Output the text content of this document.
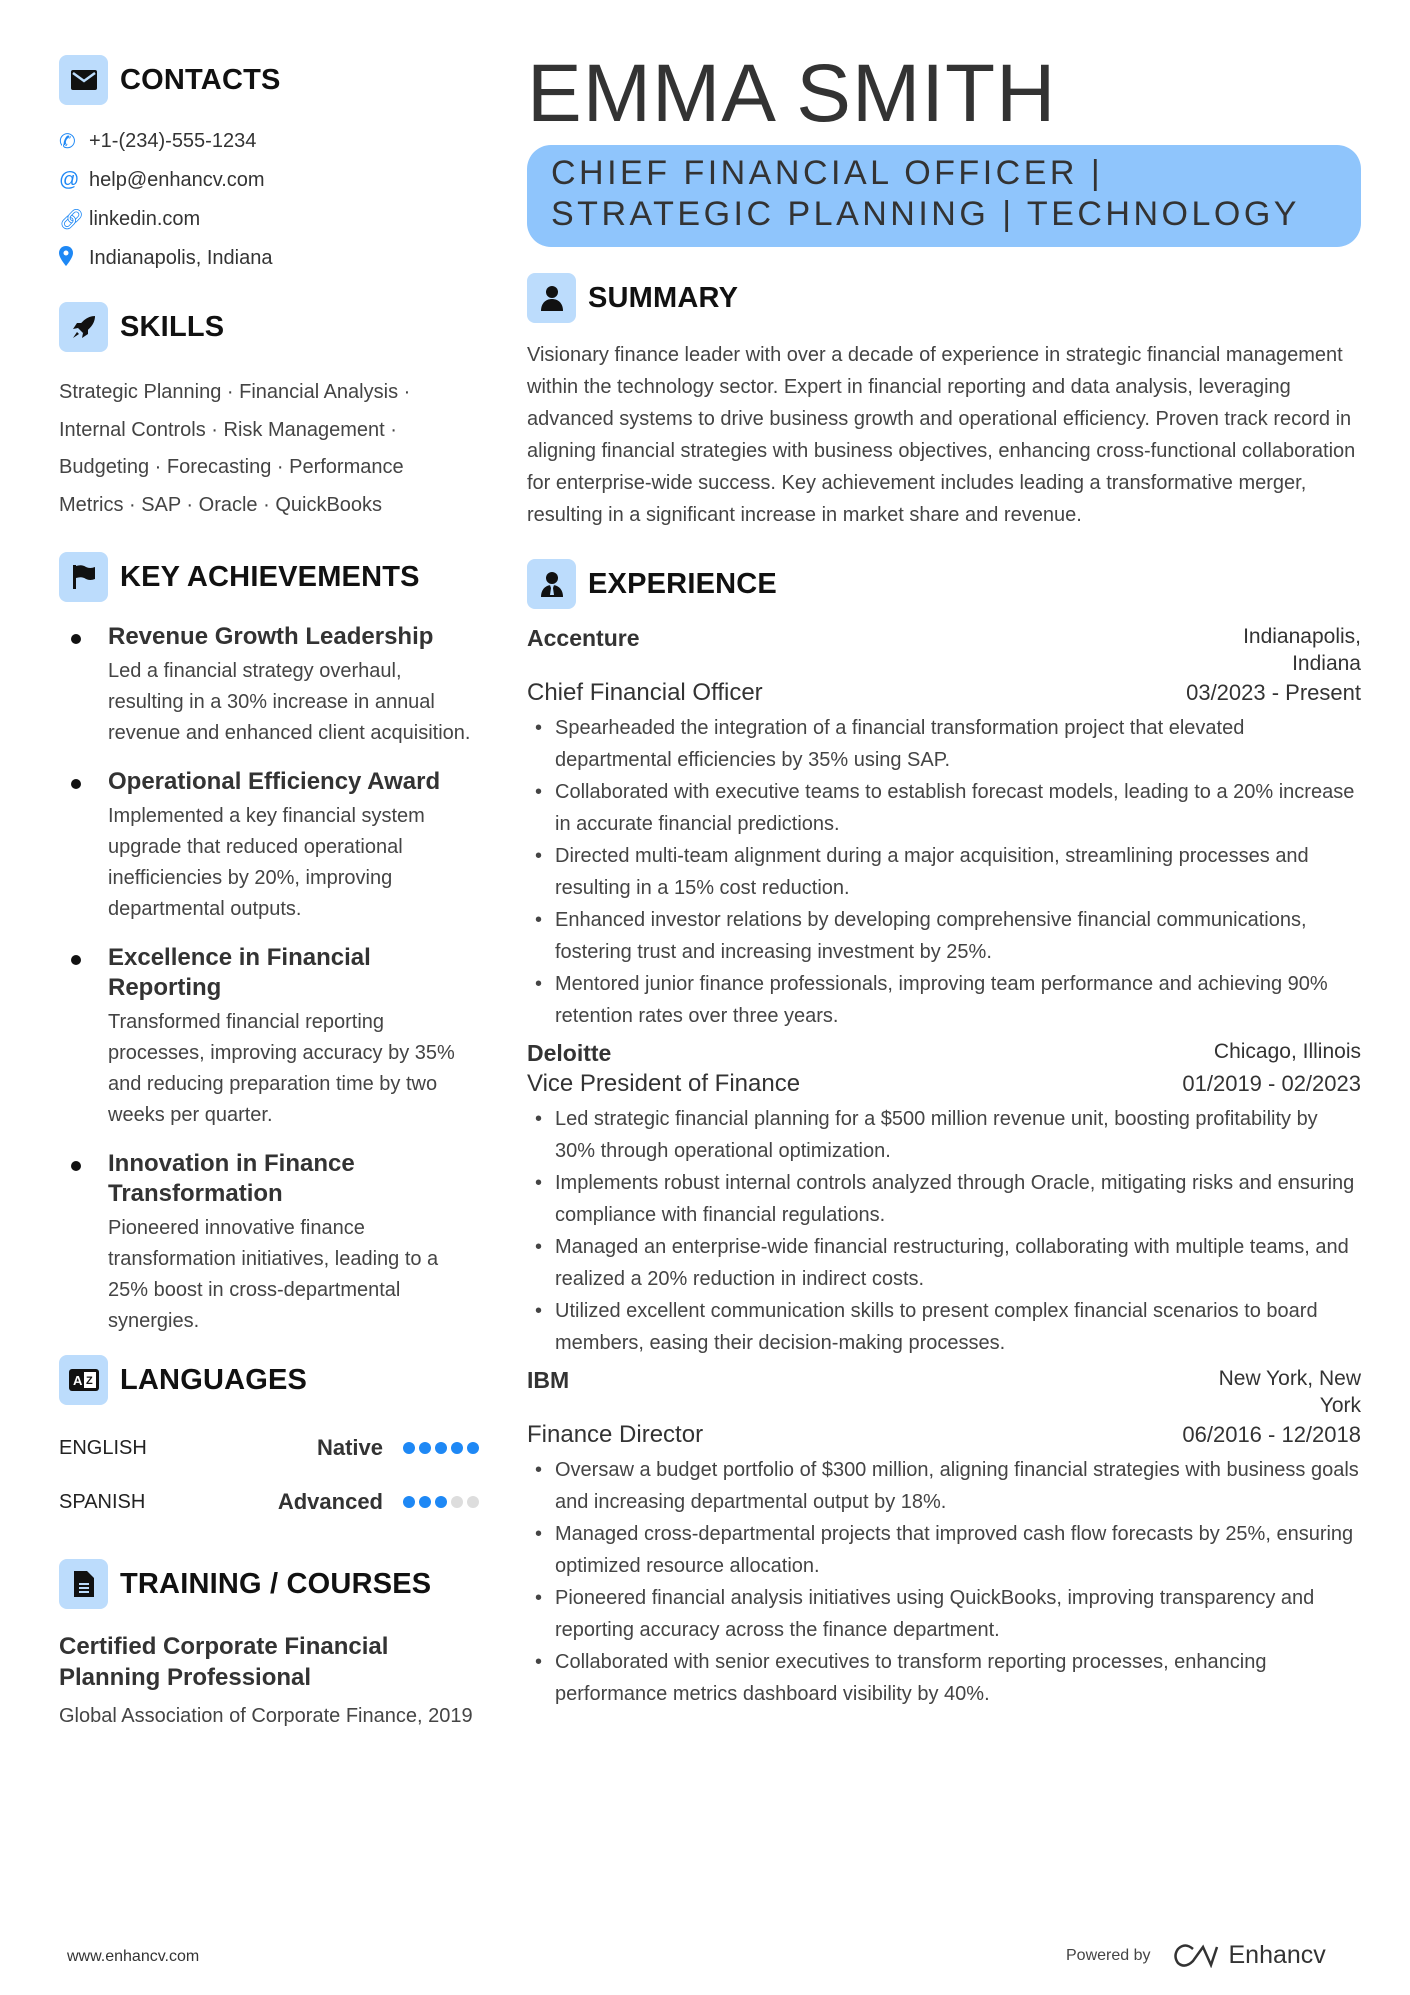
CONTACTS
✆ +1-(234)-555-1234
@ help@enhancv.com
🔗︎ linkedin.com
Indianapolis, Indiana
SKILLS
Strategic Planning · Financial Analysis · Internal Controls · Risk Management · Budgeting · Forecasting · Performance Metrics · SAP · Oracle · QuickBooks
KEY ACHIEVEMENTS
Revenue Growth Leadership
Led a financial strategy overhaul, resulting in a 30% increase in annual revenue and enhanced client acquisition.
Operational Efficiency Award
Implemented a key financial system upgrade that reduced operational inefficiencies by 20%, improving departmental outputs.
Excellence in Financial Reporting
Transformed financial reporting processes, improving accuracy by 35% and reducing preparation time by two weeks per quarter.
Innovation in Finance Transformation
Pioneered innovative finance transformation initiatives, leading to a 25% boost in cross-departmental synergies.
A Z LANGUAGES
ENGLISH	Native
SPANISH	Advanced
TRAINING / COURSES
Certified Corporate Financial Planning Professional
Global Association of Corporate Finance, 2019
EMMA SMITH
CHIEF FINANCIAL OFFICER | STRATEGIC PLANNING | TECHNOLOGY
SUMMARY
Visionary finance leader with over a decade of experience in strategic financial management within the technology sector. Expert in financial reporting and data analysis, leveraging advanced systems to drive business growth and operational efficiency. Proven track record in aligning financial strategies with business objectives, enhancing cross-functional collaboration for enterprise-wide success. Key achievement includes leading a transformative merger, resulting in a significant increase in market share and revenue.
EXPERIENCE
Accenture	Indianapolis, Indiana
Chief Financial Officer	03/2023 - Present
• Spearheaded the integration of a financial transformation project that elevated departmental efficiencies by 35% using SAP.
• Collaborated with executive teams to establish forecast models, leading to a 20% increase in accurate financial predictions.
• Directed multi-team alignment during a major acquisition, streamlining processes and resulting in a 15% cost reduction.
• Enhanced investor relations by developing comprehensive financial communications, fostering trust and increasing investment by 25%.
• Mentored junior finance professionals, improving team performance and achieving 90% retention rates over three years.
Deloitte	Chicago, Illinois
Vice President of Finance	01/2019 - 02/2023
• Led strategic financial planning for a $500 million revenue unit, boosting profitability by 30% through operational optimization.
• Implements robust internal controls analyzed through Oracle, mitigating risks and ensuring compliance with financial regulations.
• Managed an enterprise-wide financial restructuring, collaborating with multiple teams, and realized a 20% reduction in indirect costs.
• Utilized excellent communication skills to present complex financial scenarios to board members, easing their decision-making processes.
IBM	New York, New York
Finance Director	06/2016 - 12/2018
• Oversaw a budget portfolio of $300 million, aligning financial strategies with business goals and increasing departmental output by 18%.
• Managed cross-departmental projects that improved cash flow forecasts by 25%, ensuring optimized resource allocation.
• Pioneered financial analysis initiatives using QuickBooks, improving transparency and reporting accuracy across the finance department.
• Collaborated with senior executives to transform reporting processes, enhancing performance metrics dashboard visibility by 40%.
www.enhancv.com	Powered by	Enhancv
